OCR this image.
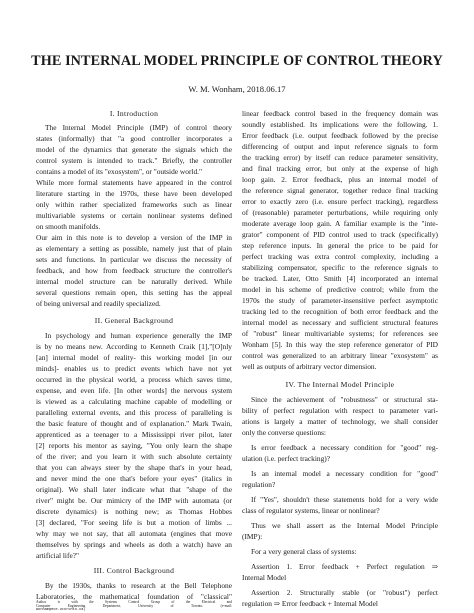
THE INTERNAL MODEL PRINCIPLE OF CONTROL THEORY
W. M. Wonham, 2018.06.17
I. Introduction
The Internal Model Principle (IMP) of control theory
states (informally) that "a good controller incorporates a
model of the dynamics that generate the signals which the
control system is intended to track." Briefly, the controller
contains a model of its "exosystem", or "outside world."
While more formal statements have appeared in the control
literature starting in the 1970s, these have been developed
only within rather specialized frameworks such as linear
multivariable systems or certain nonlinear systems defined
on smooth manifolds.
Our aim in this note is to develop a version of the IMP in
as elementary a setting as possible, namely just that of plain
sets and functions. In particular we discuss the necessity of
feedback, and how from feedback structure the controller's
internal model structure can be naturally derived. While
several questions remain open, this setting has the appeal
of being universal and readily specialized.
II. General Background
In psychology and human experience generally the IMP
is by no means new. According to Kenneth Craik [1],"[O]nly
[an] internal model of reality- this working model [in our
minds]- enables us to predict events which have not yet
occurred in the physical world, a process which saves time,
expense, and even life. [In other words] the nervous system
is viewed as a calculating machine capable of modelling or
paralleling external events, and this process of paralleling is
the basic feature of thought and of explanation." Mark Twain,
apprenticed as a teenager to a Mississippi river pilot, later
[2] reports his mentor as saying, "You only learn the shape
of the river; and you learn it with such absolute certainty
that you can always steer by the shape that's in your head,
and never mind the one that's before your eyes" (italics in
original). We shall later indicate what that "shape of the
river" might be. Our mimicry of the IMP with automata (or
discrete dynamics) is nothing new; as Thomas Hobbes
[3] declared, "For seeing life is but a motion of limbs ...
why may we not say, that all automata (engines that move
themselves by springs and wheels as doth a watch) have an
artificial life?"
III. Control Background
By the 1930s, thanks to research at the Bell Telephone
Laboratories, the mathematical foundation of "classical"
Author is with the Systems Control Group of the Electrical and
Computer Engineering Department, University of Toronto. (e-mail:
wonham@ece.utoronto.ca)
linear feedback control based in the frequency domain was
soundly established. Its implications were the following. 1.
Error feedback (i.e. output feedback followed by the precise
differencing of output and input reference signals to form
the tracking error) by itself can reduce parameter sensitivity,
and final tracking error, but only at the expense of high
loop gain. 2. Error feedback, plus an internal model of
the reference signal generator, together reduce final tracking
error to exactly zero (i.e. ensure perfect tracking), regardless
of (reasonable) parameter perturbations, while requiring only
moderate average loop gain. A familiar example is the "inte-
grator" component of PID control used to track (specifically)
step reference inputs. In general the price to be paid for
perfect tracking was extra control complexity, including a
stabilizing compensator, specific to the reference signals to
be tracked. Later, Otto Smith [4] incorporated an internal
model in his scheme of predictive control; while from the
1970s the study of parameter-insensitive perfect asymptotic
tracking led to the recognition of both error feedback and the
internal model as necessary and sufficient structural features
of "robust" linear multivariable systems; for references see
Wonham [5]. In this way the step reference generator of PID
control was generalized to an arbitrary linear "exosystem" as
well as outputs of arbitrary vector dimension.
IV. The Internal Model Principle
Since the achievement of "robustness" or structural sta-
bility of perfect regulation with respect to parameter vari-
ations is largely a matter of technology, we shall consider
only the converse questions:
Is error feedback a necessary condition for "good" reg-
ulation (i.e. perfect tracking)?
Is an internal model a necessary condition for "good"
regulation?
If "Yes", shouldn't these statements hold for a very wide
class of regulator systems, linear or nonlinear?
Thus we shall assert as the Internal Model Principle
(IMP):
For a very general class of systems:
Assertion 1. Error feedback + Perfect regulation ⇒
Internal Model
Assertion 2. Structurally stable (or "robust") perfect
regulation ⇒ Error feedback + Internal Model
